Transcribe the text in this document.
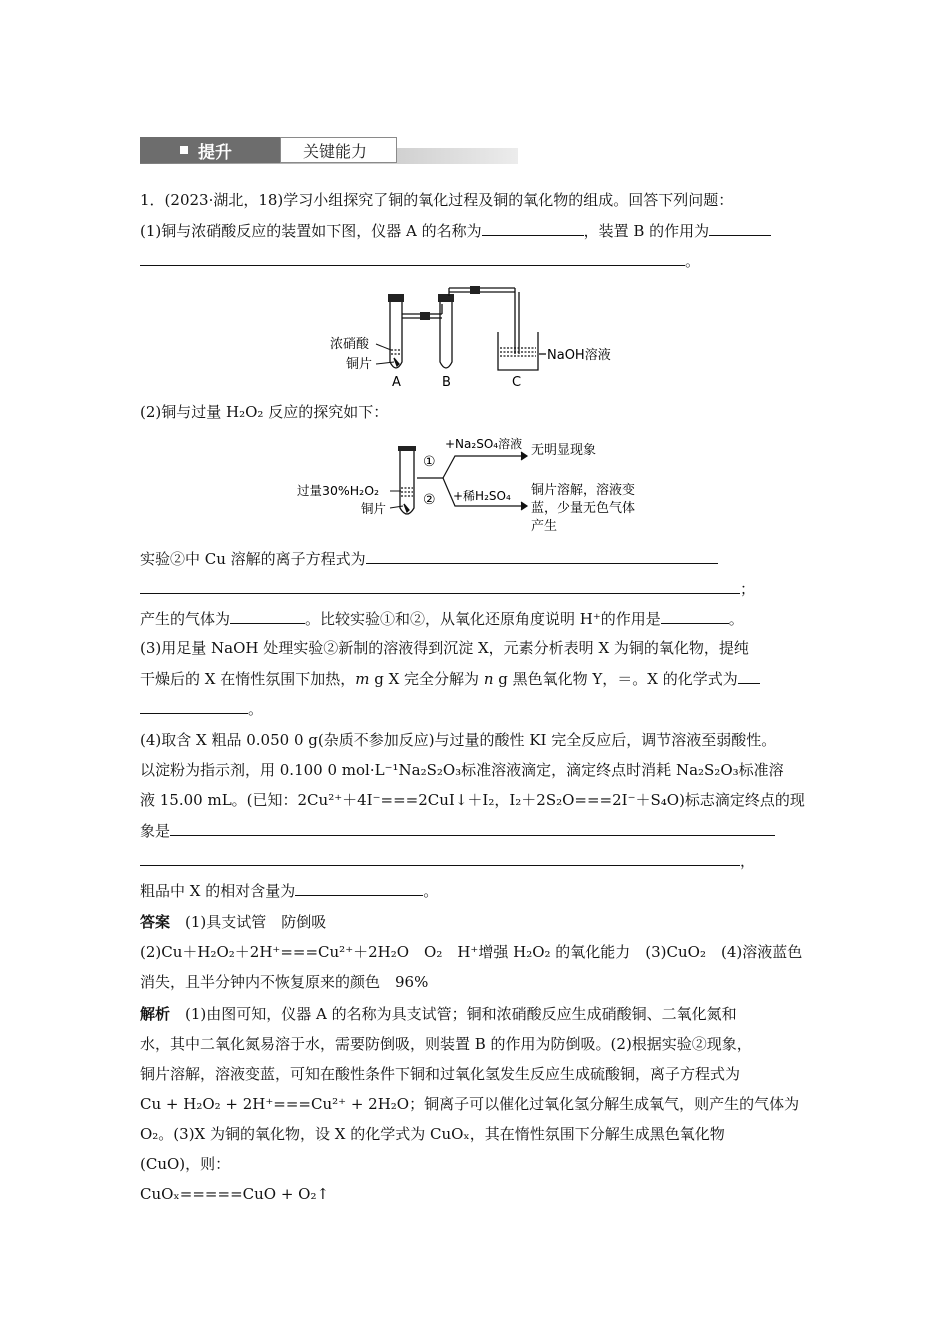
提升	关键能力
1．(2023·湖北，18)学习小组探究了铜的氧化过程及铜的氧化物的组成。回答下列问题：
(1)铜与浓硝酸反应的装置如下图，仪器 A 的名称为	，装置 B 的作用为
。
浓硝酸
铜片
NaOH溶液
A	B	C
(2)铜与过量 H₂O₂ 反应的探究如下：
过量30%H₂O₂
铜片
①
②
+Na₂SO₄溶液
+稀H₂SO₄
无明显现象
铜片溶解，溶液变
蓝，少量无色气体
产生
实验②中 Cu 溶解的离子方程式为
；
产生的气体为	。比较实验①和②，从氧化还原角度说明 H⁺的作用是	。
(3)用足量 NaOH 处理实验②新制的溶液得到沉淀 X，元素分析表明 X 为铜的氧化物，提纯
干燥后的 X 在惰性氛围下加热，m g X 完全分解为 n g 黑色氧化物 Y，＝。X 的化学式为
。
(4)取含 X 粗品 0.050 0 g(杂质不参加反应)与过量的酸性 KI 完全反应后，调节溶液至弱酸性。
以淀粉为指示剂，用 0.100 0 mol·L⁻¹Na₂S₂O₃标准溶液滴定，滴定终点时消耗 Na₂S₂O₃标准溶
液 15.00 mL。(已知：2Cu²⁺＋4I⁻===2CuI↓＋I₂，I₂＋2S₂O===2I⁻＋S₄O)标志滴定终点的现
象是
，
粗品中 X 的相对含量为	。
答案　 (1)具支试管　防倒吸
(2)Cu＋H₂O₂＋2H⁺===Cu²⁺＋2H₂O　O₂　H⁺增强 H₂O₂ 的氧化能力　(3)CuO₂　(4)溶液蓝色
消失，且半分钟内不恢复原来的颜色　96%
解析　 (1)由图可知，仪器 A 的名称为具支试管；铜和浓硝酸反应生成硝酸铜、二氧化氮和
水，其中二氧化氮易溶于水，需要防倒吸，则装置 B 的作用为防倒吸。(2)根据实验②现象，
铜片溶解，溶液变蓝，可知在酸性条件下铜和过氧化氢发生反应生成硫酸铜，离子方程式为
Cu + H₂O₂ + 2H⁺===Cu²⁺ + 2H₂O；铜离子可以催化过氧化氢分解生成氧气，则产生的气体为
O₂。(3)X 为铜的氧化物，设 X 的化学式为 CuOₓ，其在惰性氛围下分解生成黑色氧化物
(CuO)，则：
CuOₓ=====CuO + O₂↑
